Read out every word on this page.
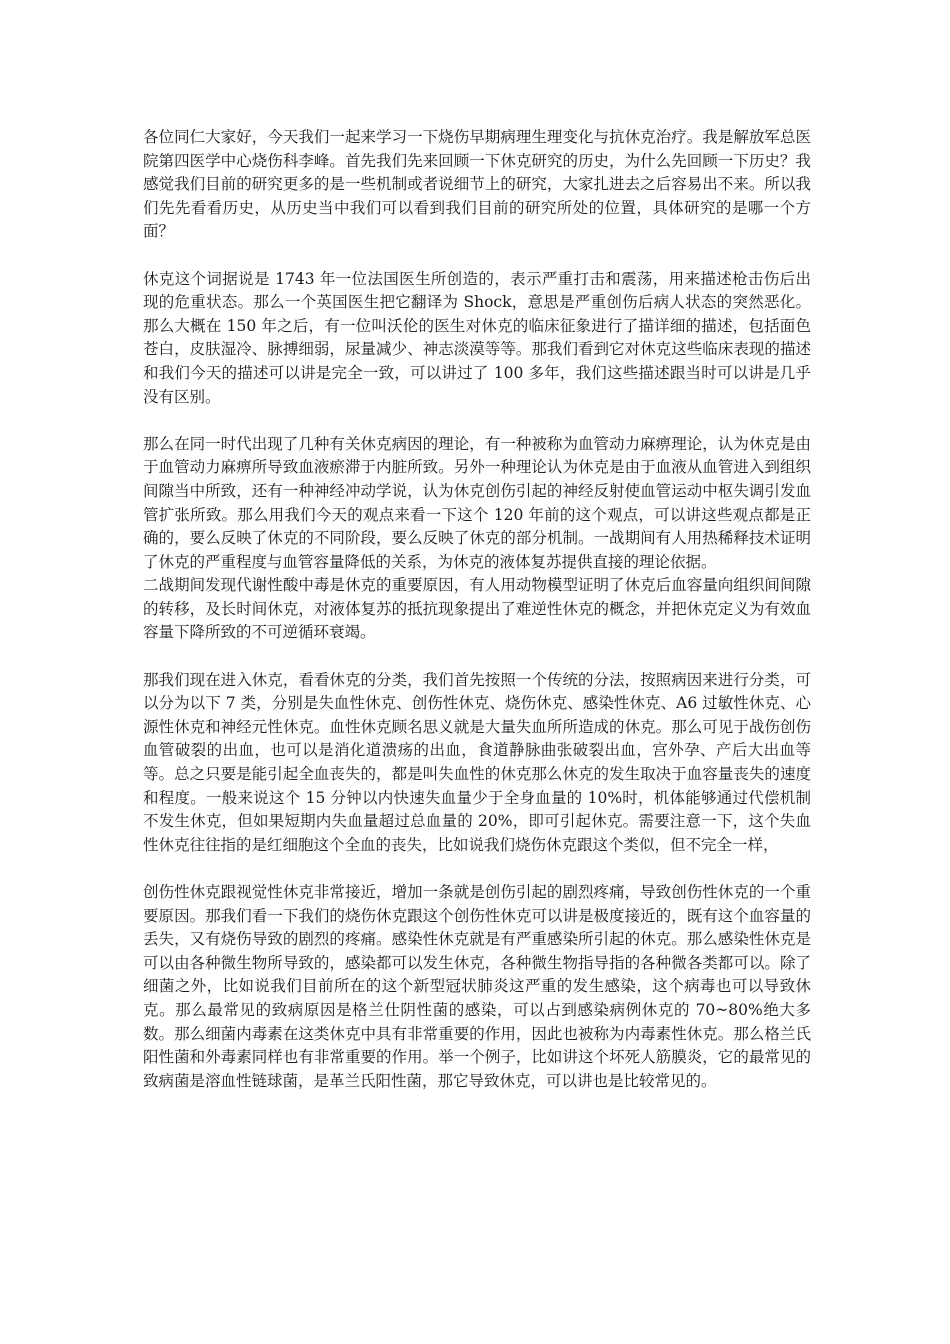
各位同仁大家好，今天我们一起来学习一下烧伤早期病理生理变化与抗休克治疗。我是解放军总医院第四医学中心烧伤科李峰。首先我们先来回顾一下休克研究的历史，为什么先回顾一下历史？我感觉我们目前的研究更多的是一些机制或者说细节上的研究，大家扎进去之后容易出不来。所以我们先先看看历史，从历史当中我们可以看到我们目前的研究所处的位置，具体研究的是哪一个方面？

休克这个词据说是 1743 年一位法国医生所创造的，表示严重打击和震荡，用来描述枪击伤后出现的危重状态。那么一个英国医生把它翻译为 Shock，意思是严重创伤后病人状态的突然恶化。那么大概在 150 年之后，有一位叫沃伦的医生对休克的临床征象进行了描详细的描述，包括面色苍白，皮肤湿冷、脉搏细弱，尿量减少、神志淡漠等等。那我们看到它对休克这些临床表现的描述和我们今天的描述可以讲是完全一致，可以讲过了 100 多年，我们这些描述跟当时可以讲是几乎没有区别。

那么在同一时代出现了几种有关休克病因的理论，有一种被称为血管动力麻痹理论，认为休克是由于血管动力麻痹所导致血液瘀滞于内脏所致。另外一种理论认为休克是由于血液从血管进入到组织间隙当中所致，还有一种神经冲动学说，认为休克创伤引起的神经反射使血管运动中枢失调引发血管扩张所致。那么用我们今天的观点来看一下这个 120 年前的这个观点，可以讲这些观点都是正确的，要么反映了休克的不同阶段，要么反映了休克的部分机制。一战期间有人用热稀释技术证明了休克的严重程度与血管容量降低的关系，为休克的液体复苏提供直接的理论依据。

二战期间发现代谢性酸中毒是休克的重要原因，有人用动物模型证明了休克后血容量向组织间间隙的转移，及长时间休克，对液体复苏的抵抗现象提出了难逆性休克的概念，并把休克定义为有效血容量下降所致的不可逆循环衰竭。

那我们现在进入休克，看看休克的分类，我们首先按照一个传统的分法，按照病因来进行分类，可以分为以下 7 类，分别是失血性休克、创伤性休克、烧伤休克、感染性休克、A6 过敏性休克、心源性休克和神经元性休克。血性休克顾名思义就是大量失血所所造成的休克。那么可见于战伤创伤血管破裂的出血，也可以是消化道溃疡的出血，食道静脉曲张破裂出血，宫外孕、产后大出血等等。总之只要是能引起全血丧失的，都是叫失血性的休克那么休克的发生取决于血容量丧失的速度和程度。一般来说这个 15 分钟以内快速失血量少于全身血量的 10%时，机体能够通过代偿机制不发生休克，但如果短期内失血量超过总血量的 20%，即可引起休克。需要注意一下，这个失血性休克往往指的是红细胞这个全血的丧失，比如说我们烧伤休克跟这个类似，但不完全一样，

创伤性休克跟视觉性休克非常接近，增加一条就是创伤引起的剧烈疼痛，导致创伤性休克的一个重要原因。那我们看一下我们的烧伤休克跟这个创伤性休克可以讲是极度接近的，既有这个血容量的丢失，又有烧伤导致的剧烈的疼痛。感染性休克就是有严重感染所引起的休克。那么感染性休克是可以由各种微生物所导致的，感染都可以发生休克，各种微生物指导指的各种微各类都可以。除了细菌之外，比如说我们目前所在的这个新型冠状肺炎这严重的发生感染，这个病毒也可以导致休克。那么最常见的致病原因是格兰仕阴性菌的感染，可以占到感染病例休克的 70~80%绝大多数。那么细菌内毒素在这类休克中具有非常重要的作用，因此也被称为内毒素性休克。那么格兰氏阳性菌和外毒素同样也有非常重要的作用。举一个例子，比如讲这个坏死人筋膜炎，它的最常见的致病菌是溶血性链球菌，是革兰氏阳性菌，那它导致休克，可以讲也是比较常见的。
